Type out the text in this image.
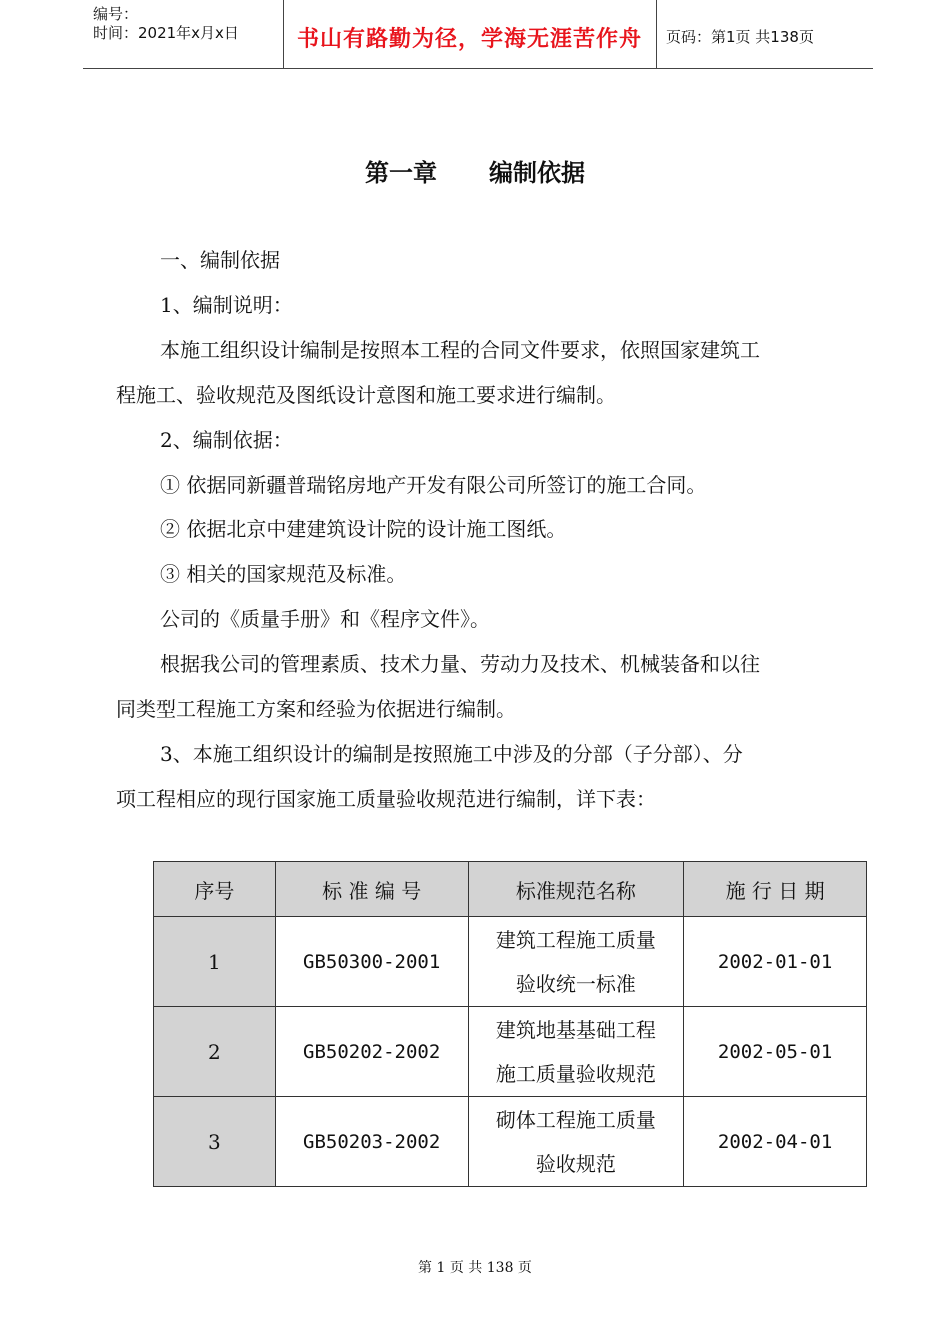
编号：
时间：2021年x月x日	书山有路勤为径，学海无涯苦作舟	页码：第1页 共138页
第一章 编制依据
一、编制依据
1、编制说明：
本施工组织设计编制是按照本工程的合同文件要求，依照国家建筑工
程施工、验收规范及图纸设计意图和施工要求进行编制。
2、编制依据：
① 依据同新疆普瑞铭房地产开发有限公司所签订的施工合同。
② 依据北京中建建筑设计院的设计施工图纸。
③ 相关的国家规范及标准。
公司的《质量手册》和《程序文件》。
根据我公司的管理素质、技术力量、劳动力及技术、机械装备和以往
同类型工程施工方案和经验为依据进行编制。
3、本施工组织设计的编制是按照施工中涉及的分部（子分部）、分
项工程相应的现行国家施工质量验收规范进行编制，详下表：
序号	标 准 编 号	标准规范名称	施 行 日 期
1	GB50300-2001	建筑工程施工质量
验收统一标准	2002-01-01
2	GB50202-2002	建筑地基基础工程
施工质量验收规范	2002-05-01
3	GB50203-2002	砌体工程施工质量
验收规范	2002-04-01
第 1 页 共 138 页
